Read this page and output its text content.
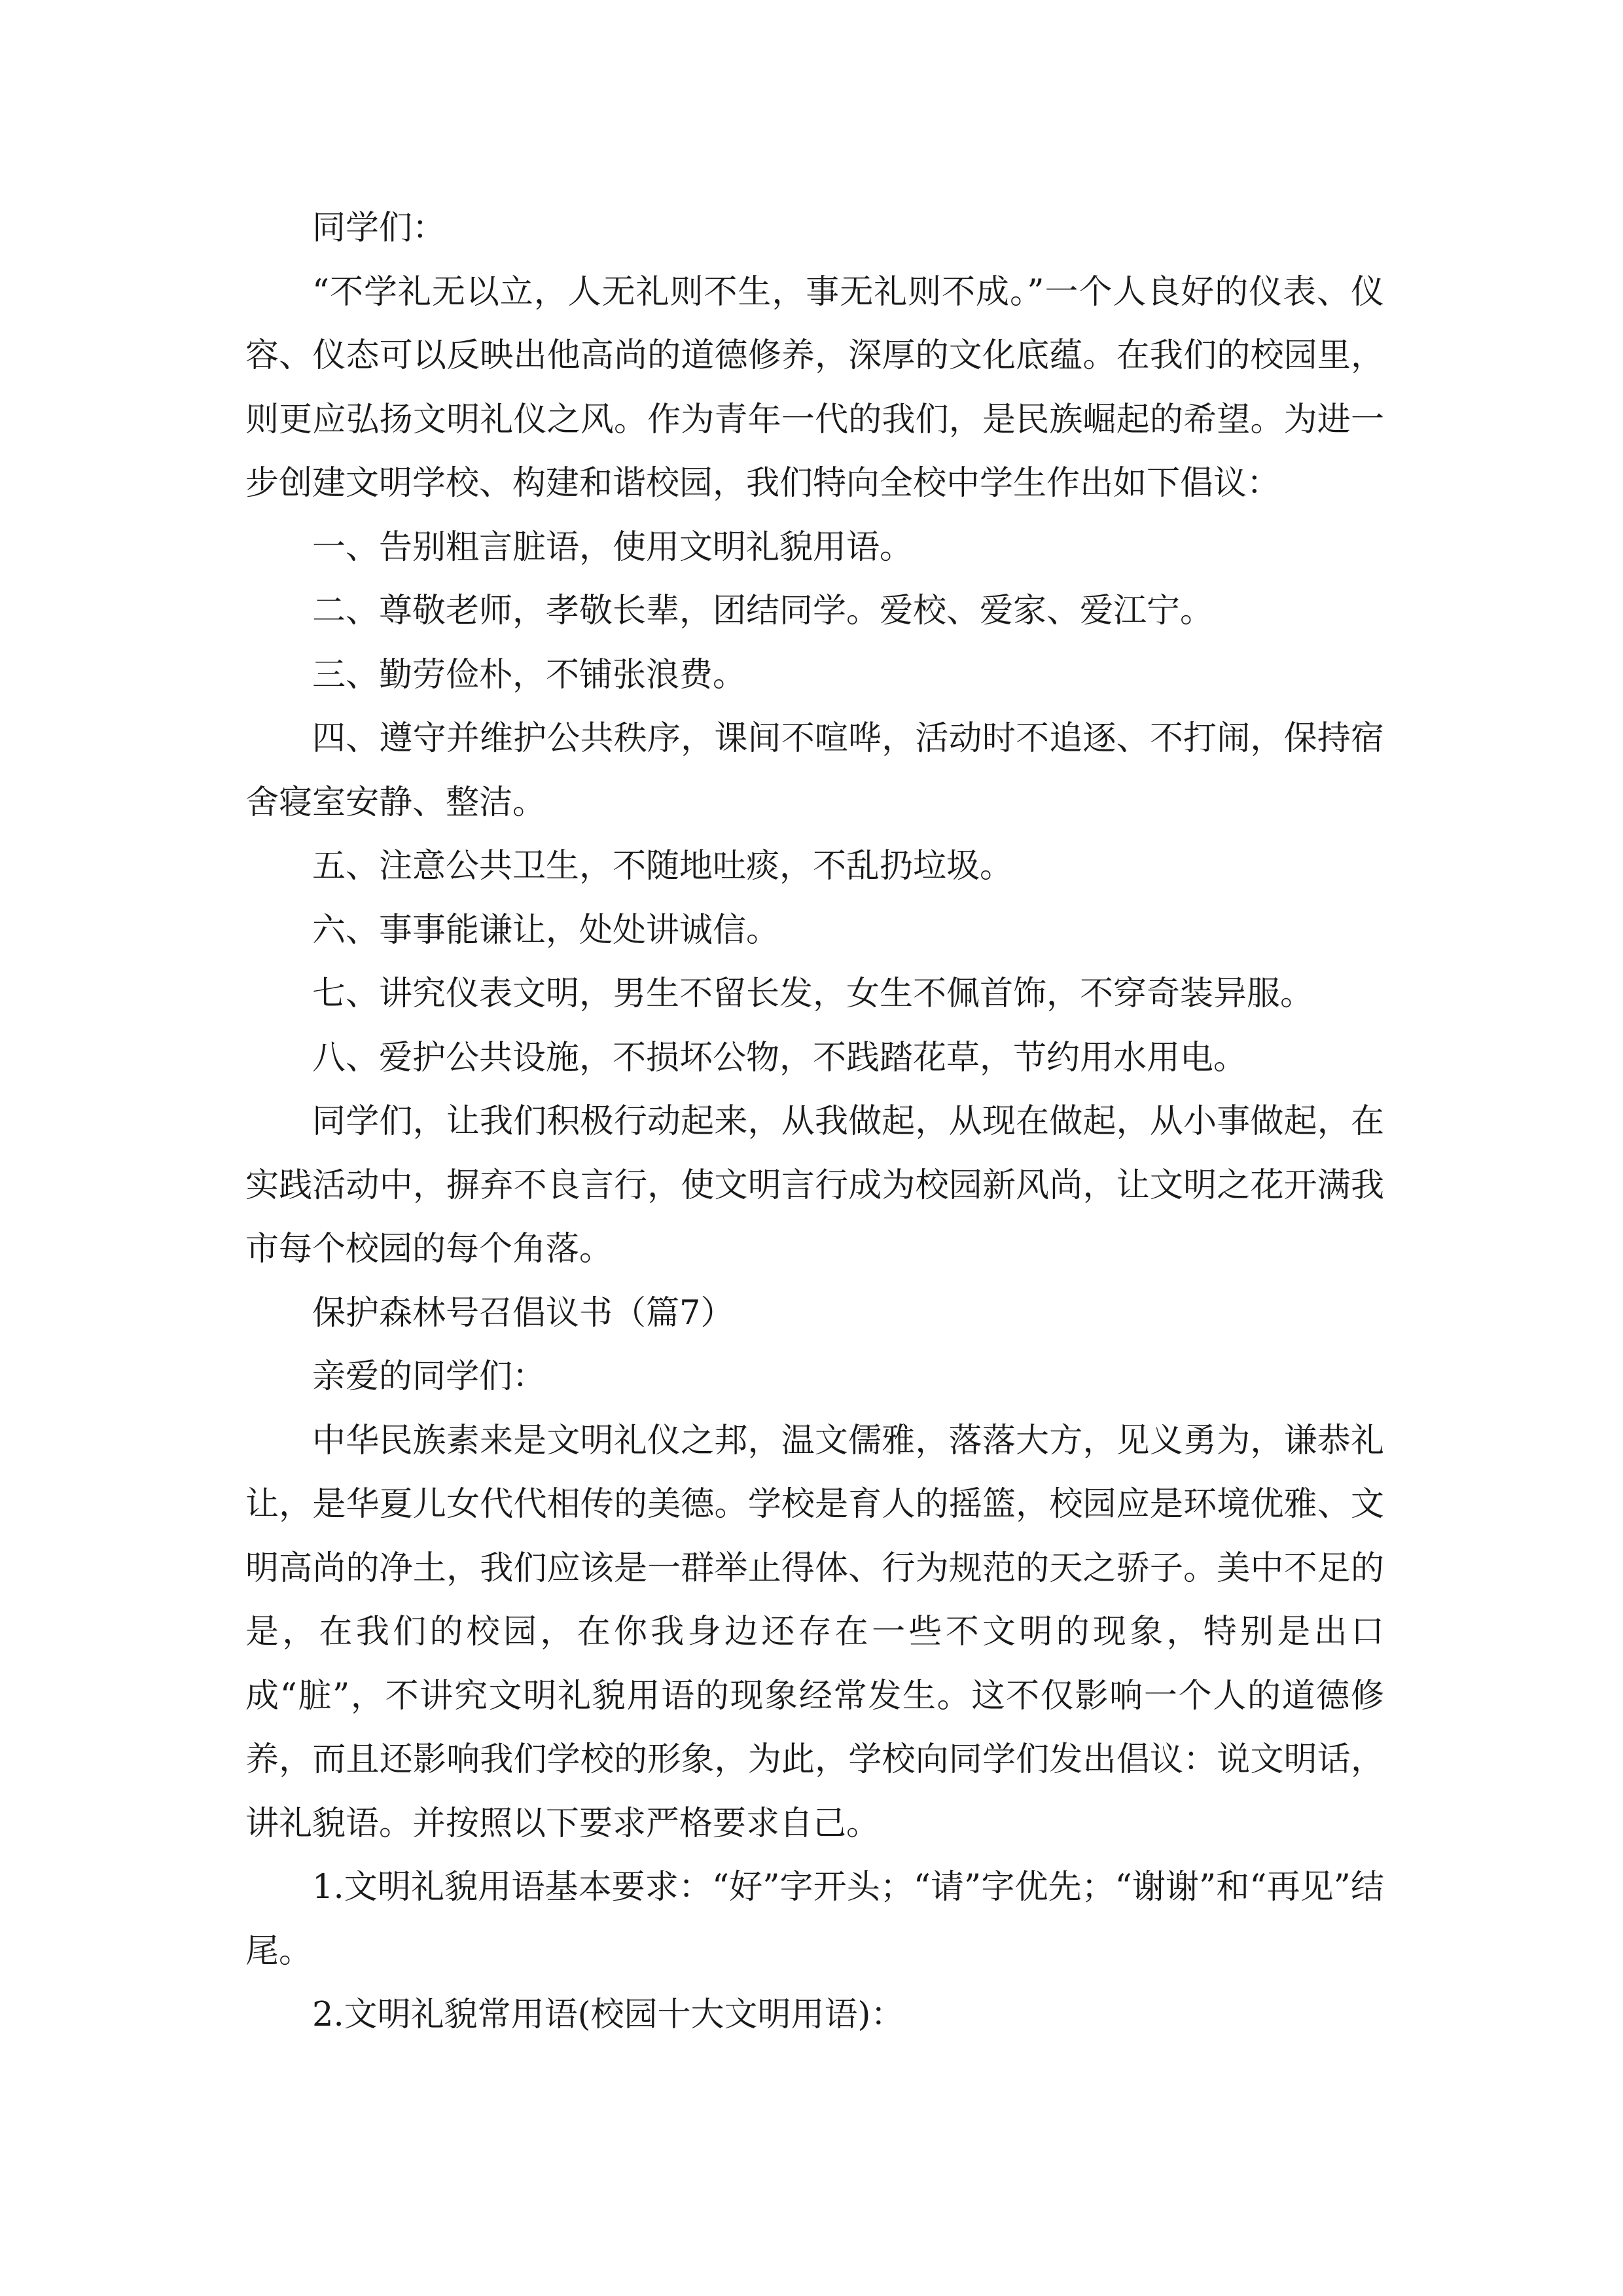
同学们：

“不学礼无以立，人无礼则不生，事无礼则不成。”一个人良好的仪表、仪容、仪态可以反映出他高尚的道德修养，深厚的文化底蕴。在我们的校园里，则更应弘扬文明礼仪之风。作为青年一代的我们，是民族崛起的希望。为进一步创建文明学校、构建和谐校园，我们特向全校中学生作出如下倡议：

一、告别粗言脏语，使用文明礼貌用语。

二、尊敬老师，孝敬长辈，团结同学。爱校、爱家、爱江宁。

三、勤劳俭朴，不铺张浪费。

四、遵守并维护公共秩序，课间不喧哗，活动时不追逐、不打闹，保持宿舍寝室安静、整洁。

五、注意公共卫生，不随地吐痰，不乱扔垃圾。

六、事事能谦让，处处讲诚信。

七、讲究仪表文明，男生不留长发，女生不佩首饰，不穿奇装异服。

八、爱护公共设施，不损坏公物，不践踏花草，节约用水用电。

同学们，让我们积极行动起来，从我做起，从现在做起，从小事做起，在实践活动中，摒弃不良言行，使文明言行成为校园新风尚，让文明之花开满我市每个校园的每个角落。

保护森林号召倡议书（篇7）

亲爱的同学们：

中华民族素来是文明礼仪之邦，温文儒雅，落落大方，见义勇为，谦恭礼让，是华夏儿女代代相传的美德。学校是育人的摇篮，校园应是环境优雅、文明高尚的净土，我们应该是一群举止得体、行为规范的天之骄子。美中不足的是，在我们的校园，在你我身边还存在一些不文明的现象，特别是出口成“脏”，不讲究文明礼貌用语的现象经常发生。这不仅影响一个人的道德修养，而且还影响我们学校的形象，为此，学校向同学们发出倡议：说文明话，讲礼貌语。并按照以下要求严格要求自己。

1.文明礼貌用语基本要求：“好”字开头；“请”字优先；“谢谢”和“再见”结尾。

2.文明礼貌常用语(校园十大文明用语)：
